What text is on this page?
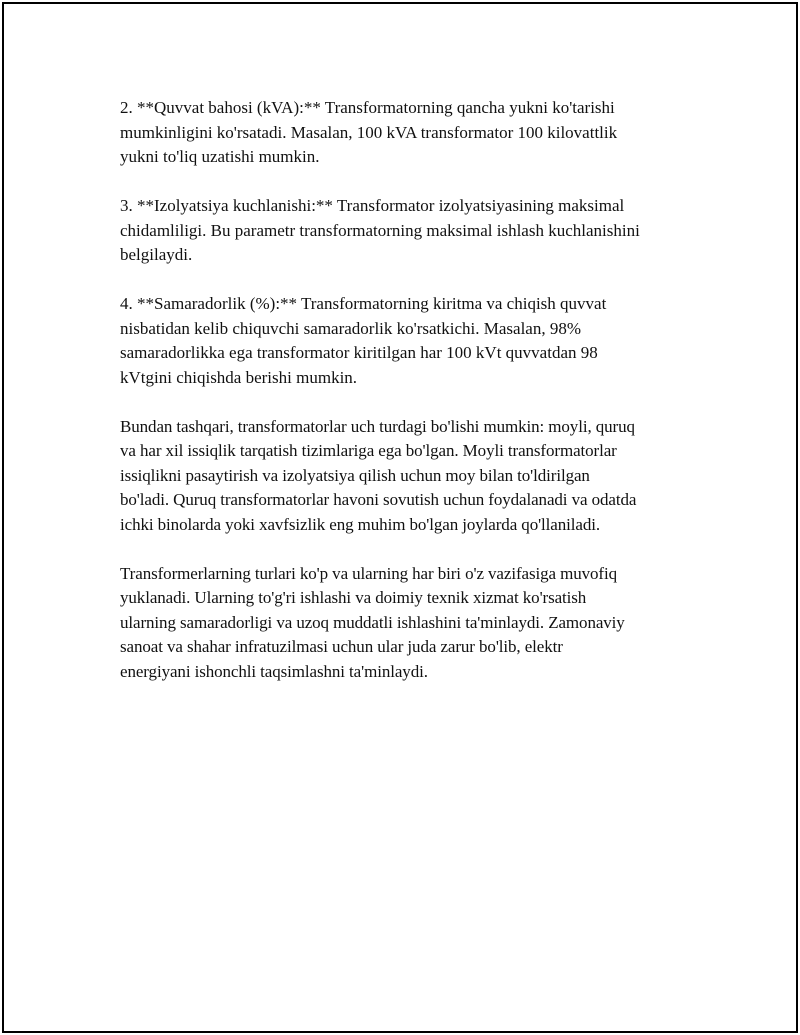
2. **Quvvat bahosi (kVA):** Transformatorning qancha yukni ko'tarishi
mumkinligini ko'rsatadi. Masalan, 100 kVA transformator 100 kilovattlik
yukni to'liq uzatishi mumkin.

3. **Izolyatsiya kuchlanishi:** Transformator izolyatsiyasining maksimal
chidamliligi. Bu parametr transformatorning maksimal ishlash kuchlanishini
belgilaydi.

4. **Samaradorlik (%):** Transformatorning kiritma va chiqish quvvat
nisbatidan kelib chiquvchi samaradorlik ko'rsatkichi. Masalan, 98%
samaradorlikka ega transformator kiritilgan har 100 kVt quvvatdan 98
kVtgini chiqishda berishi mumkin.

Bundan tashqari, transformatorlar uch turdagi bo'lishi mumkin: moyli, quruq
va har xil issiqlik tarqatish tizimlariga ega bo'lgan. Moyli transformatorlar
issiqlikni pasaytirish va izolyatsiya qilish uchun moy bilan to'ldirilgan
bo'ladi. Quruq transformatorlar havoni sovutish uchun foydalanadi va odatda
ichki binolarda yoki xavfsizlik eng muhim bo'lgan joylarda qo'llaniladi.

Transformerlarning turlari ko'p va ularning har biri o'z vazifasiga muvofiq
yuklanadi. Ularning to'g'ri ishlashi va doimiy texnik xizmat ko'rsatish
ularning samaradorligi va uzoq muddatli ishlashini ta'minlaydi. Zamonaviy
sanoat va shahar infratuzilmasi uchun ular juda zarur bo'lib, elektr
energiyani ishonchli taqsimlashni ta'minlaydi.
